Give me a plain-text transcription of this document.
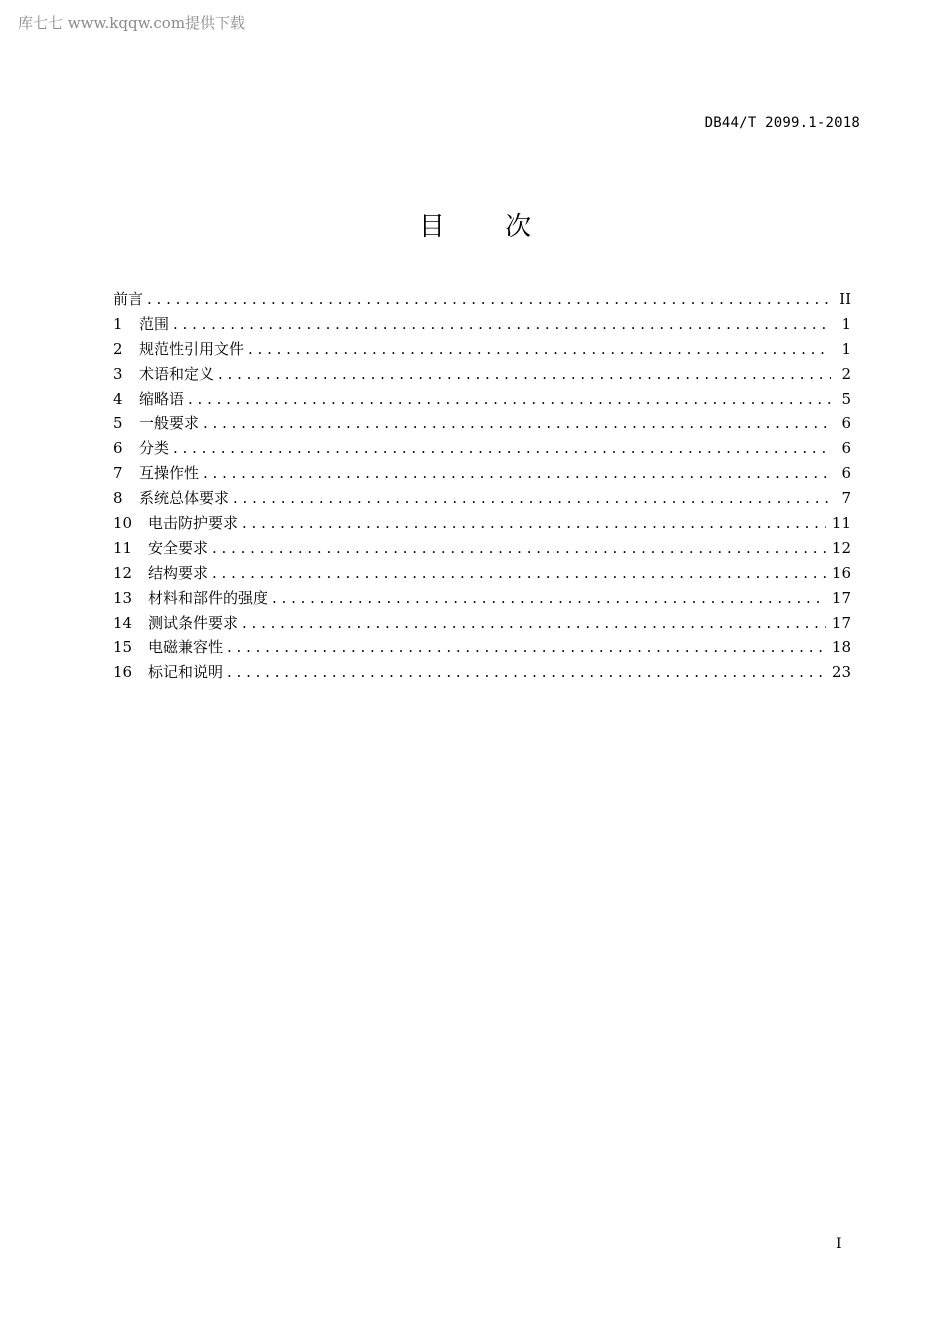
库七七 www.kqqw.com提供下载
DB44/T 2099.1-2018
目 次
前言 . . .	II
1	范围 . . .	1
2	规范性引用文件 . . .	1
3	术语和定义 . . .	2
4	缩略语 . . .	5
5	一般要求 . . .	6
6	分类 . . .	6
7	互操作性 . . .	6
8	系统总体要求 . . .	7
10	电击防护要求 . . .	11
11	安全要求 . . .	12
12	结构要求 . . .	16
13	材料和部件的强度 . . .	17
14	测试条件要求 . . .	17
15	电磁兼容性 . . .	18
16	标记和说明 . . .	23
I
